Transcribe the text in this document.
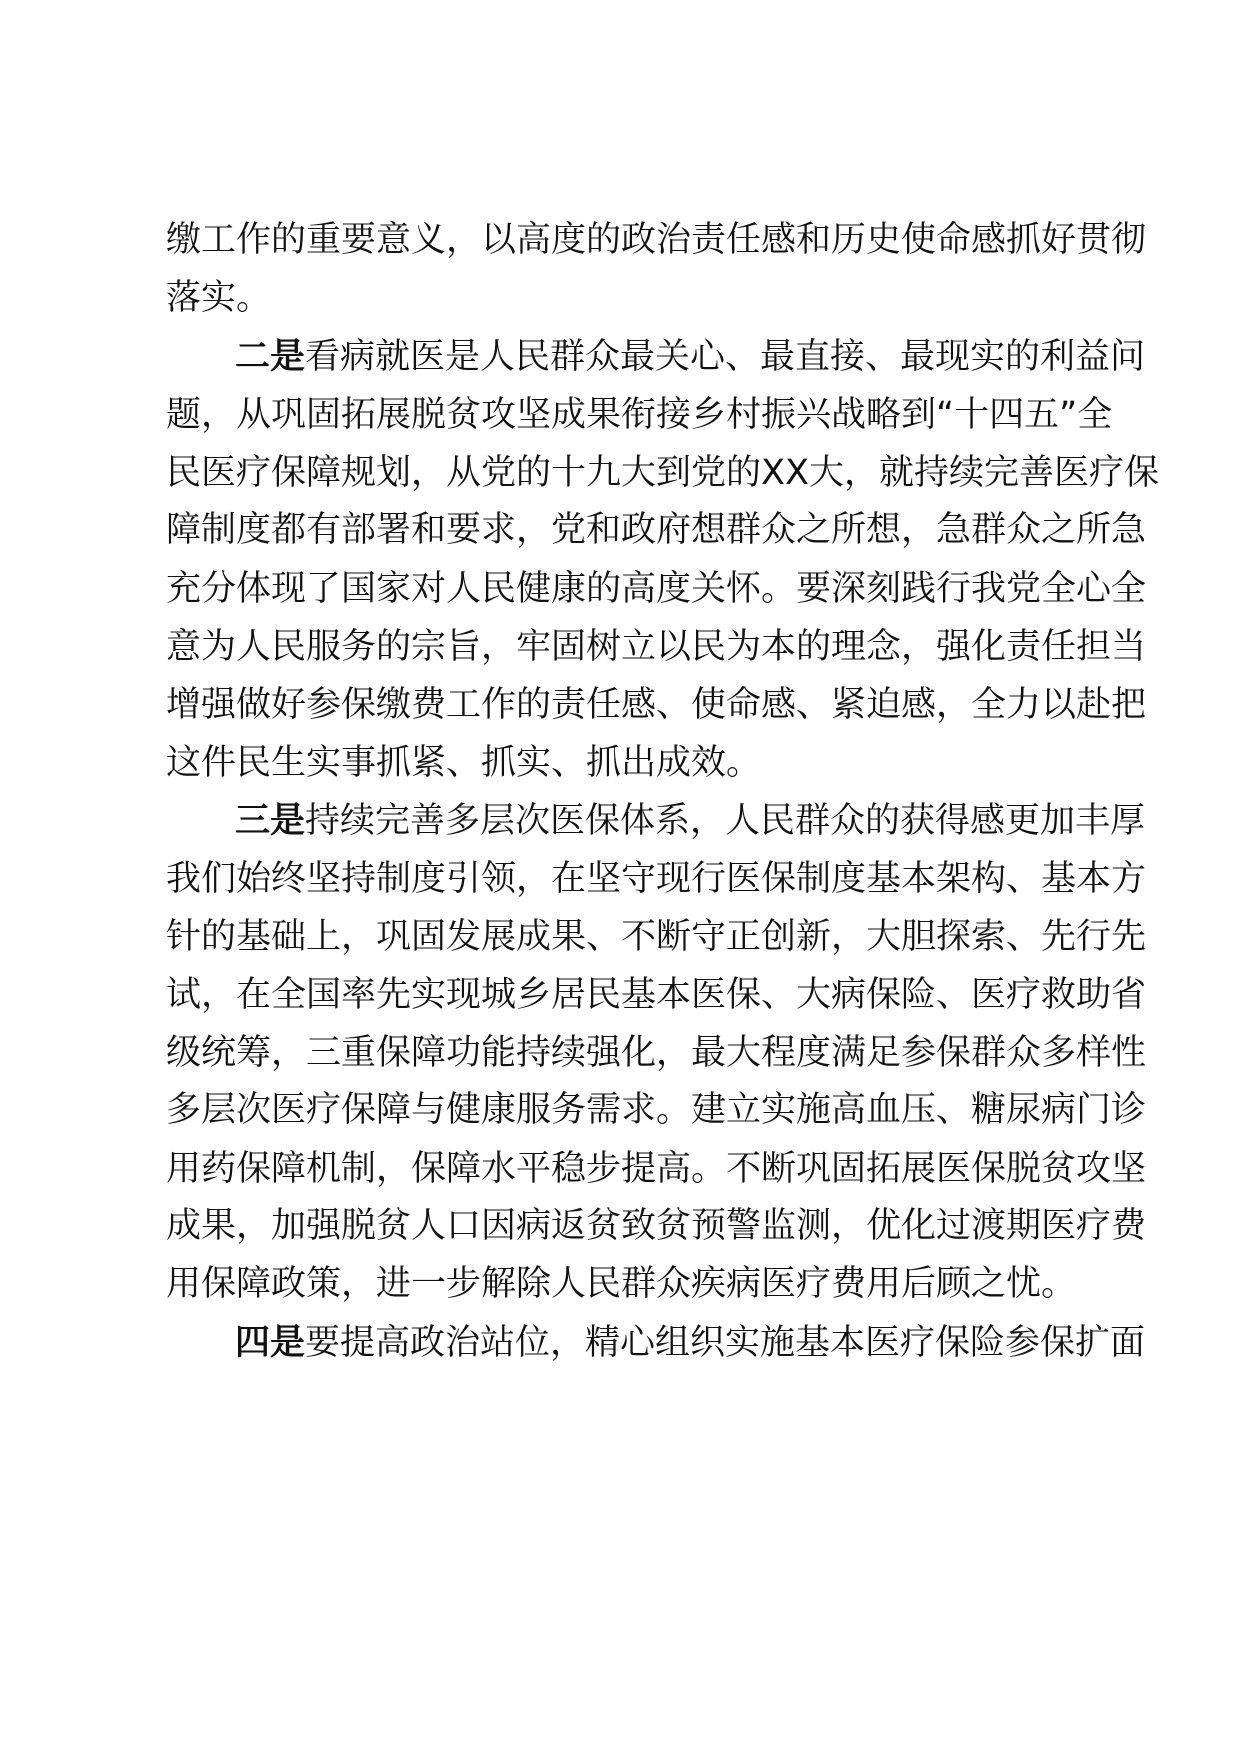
缴工作的重要意义，以高度的政治责任感和历史使命感抓好贯彻
落实。
二是看病就医是人民群众最关心、最直接、最现实的利益问
题，从巩固拓展脱贫攻坚成果衔接乡村振兴战略到“十四五”全
民医疗保障规划，从党的十九大到党的XX大，就持续完善医疗保
障制度都有部署和要求，党和政府想群众之所想，急群众之所急
充分体现了国家对人民健康的高度关怀。要深刻践行我党全心全
意为人民服务的宗旨，牢固树立以民为本的理念，强化责任担当
增强做好参保缴费工作的责任感、使命感、紧迫感，全力以赴把
这件民生实事抓紧、抓实、抓出成效。
三是持续完善多层次医保体系，人民群众的获得感更加丰厚
我们始终坚持制度引领，在坚守现行医保制度基本架构、基本方
针的基础上，巩固发展成果、不断守正创新，大胆探索、先行先
试，在全国率先实现城乡居民基本医保、大病保险、医疗救助省
级统筹，三重保障功能持续强化，最大程度满足参保群众多样性
多层次医疗保障与健康服务需求。建立实施高血压、糖尿病门诊
用药保障机制，保障水平稳步提高。不断巩固拓展医保脱贫攻坚
成果，加强脱贫人口因病返贫致贫预警监测，优化过渡期医疗费
用保障政策，进一步解除人民群众疾病医疗费用后顾之忧。
四是要提高政治站位，精心组织实施基本医疗保险参保扩面
